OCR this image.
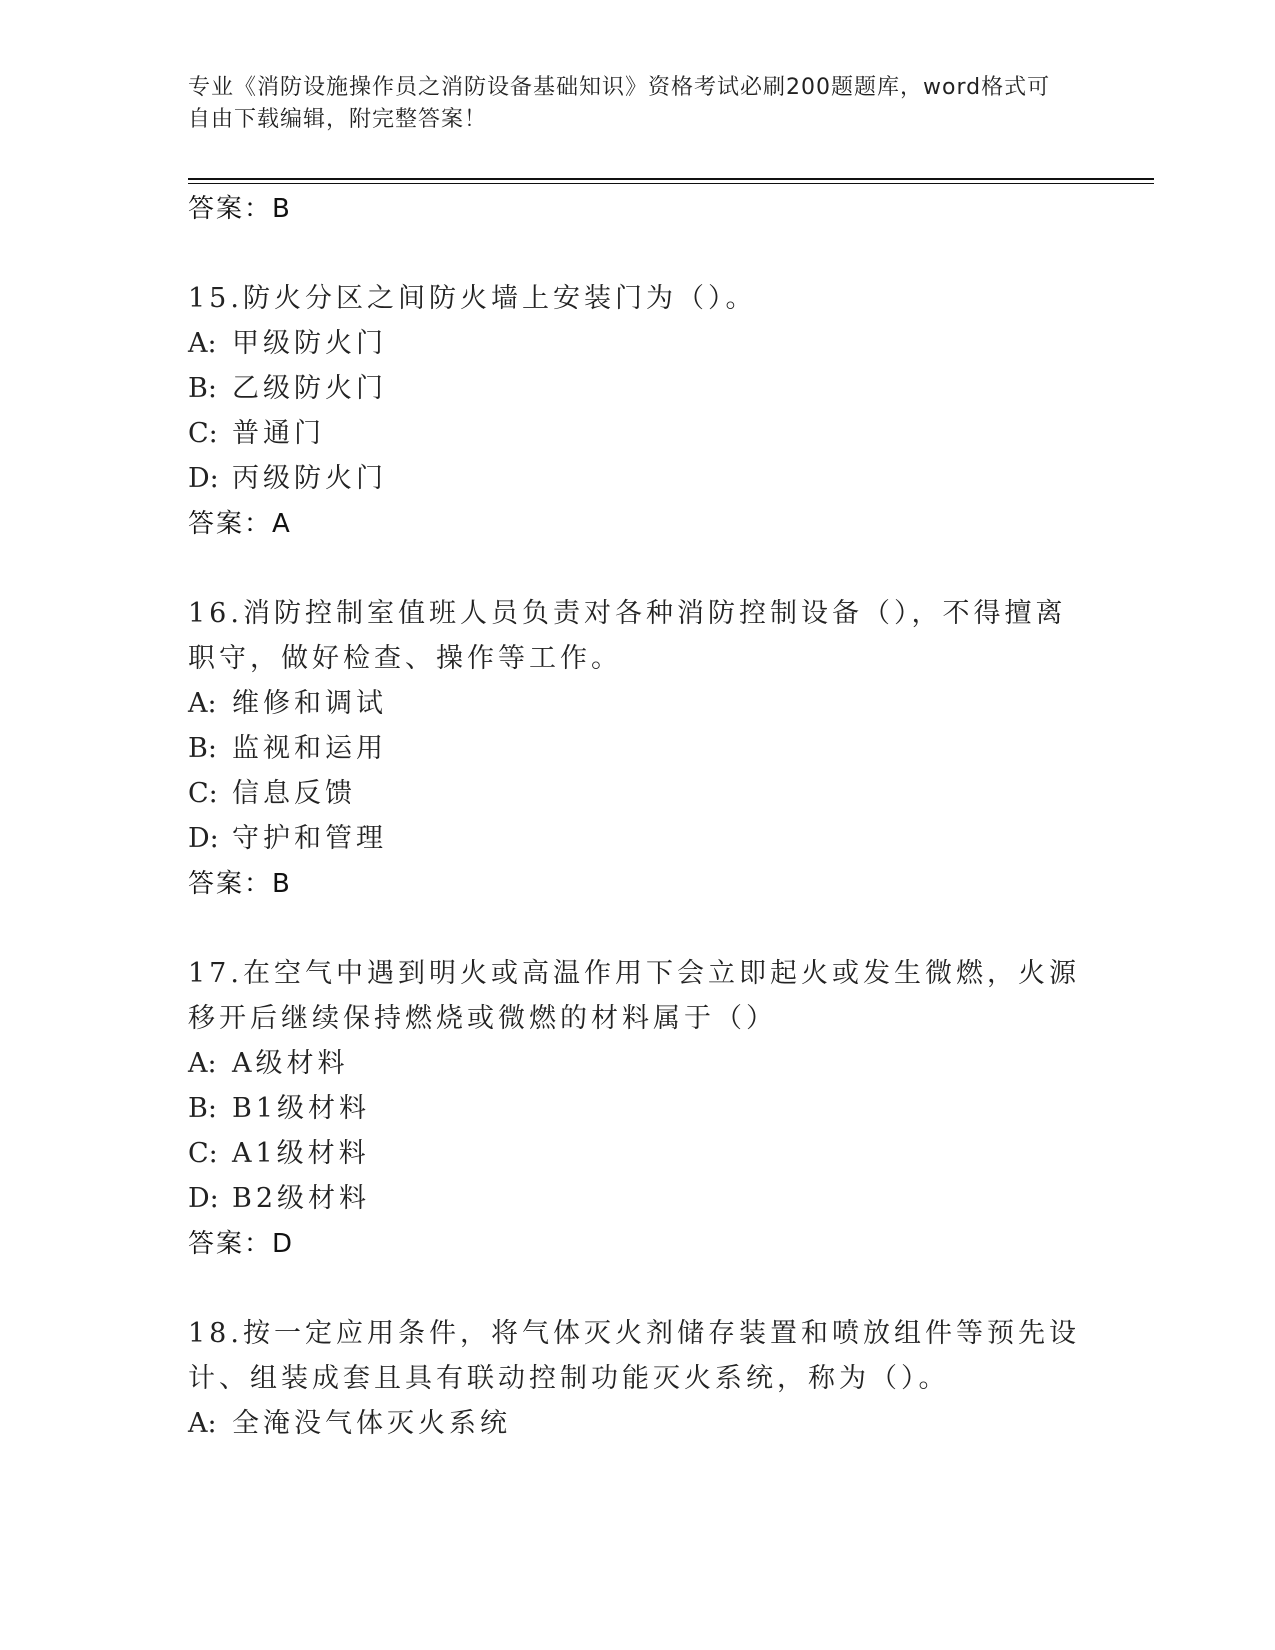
专业《消防设施操作员之消防设备基础知识》资格考试必刷200题题库，word格式可自由下载编辑，附完整答案！
答案：B
15.防火分区之间防火墙上安装门为（）。
A: 甲级防火门
B: 乙级防火门
C: 普通门
D: 丙级防火门
答案：A
16.消防控制室值班人员负责对各种消防控制设备（），不得擅离职守，做好检查、操作等工作。
A: 维修和调试
B: 监视和运用
C: 信息反馈
D: 守护和管理
答案：B
17.在空气中遇到明火或高温作用下会立即起火或发生微燃，火源移开后继续保持燃烧或微燃的材料属于（）
A: A级材料
B: B1级材料
C: A1级材料
D: B2级材料
答案：D
18.按一定应用条件，将气体灭火剂储存装置和喷放组件等预先设计、组装成套且具有联动控制功能灭火系统，称为（）。
A: 全淹没气体灭火系统
